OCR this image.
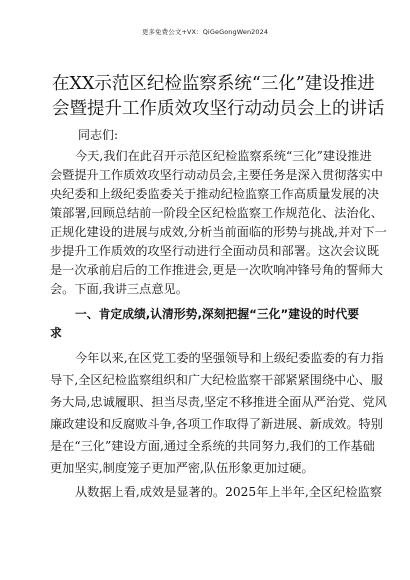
更多免费公文+VX：QiGeGongWen2024
在XX示范区纪检监察系统“三化”建设推进
会暨提升工作质效攻坚行动动员会上的讲话
同志们:
今天,我们在此召开示范区纪检监察系统“三化”建设推进
会暨提升工作质效攻坚行动动员会,主要任务是深入贯彻落实中
央纪委和上级纪委监委关于推动纪检监察工作高质量发展的决
策部署,回顾总结前一阶段全区纪检监察工作规范化、法治化、
正规化建设的进展与成效,分析当前面临的形势与挑战,并对下一
步提升工作质效的攻坚行动进行全面动员和部署。这次会议既
是一次承前启后的工作推进会,更是一次吹响冲锋号角的誓师大
会。下面,我讲三点意见。
一、肯定成绩,认清形势,深刻把握“三化”建设的时代要
求
今年以来,在区党工委的坚强领导和上级纪委监委的有力指
导下,全区纪检监察组织和广大纪检监察干部紧紧围绕中心、服
务大局,忠诚履职、担当尽责,坚定不移推进全面从严治党、党风
廉政建设和反腐败斗争,各项工作取得了新进展、新成效。特别
是在“三化”建设方面,通过全系统的共同努力,我们的工作基础
更加坚实,制度笼子更加严密,队伍形象更加过硬。
从数据上看,成效是显著的。2025年上半年,全区纪检监察
